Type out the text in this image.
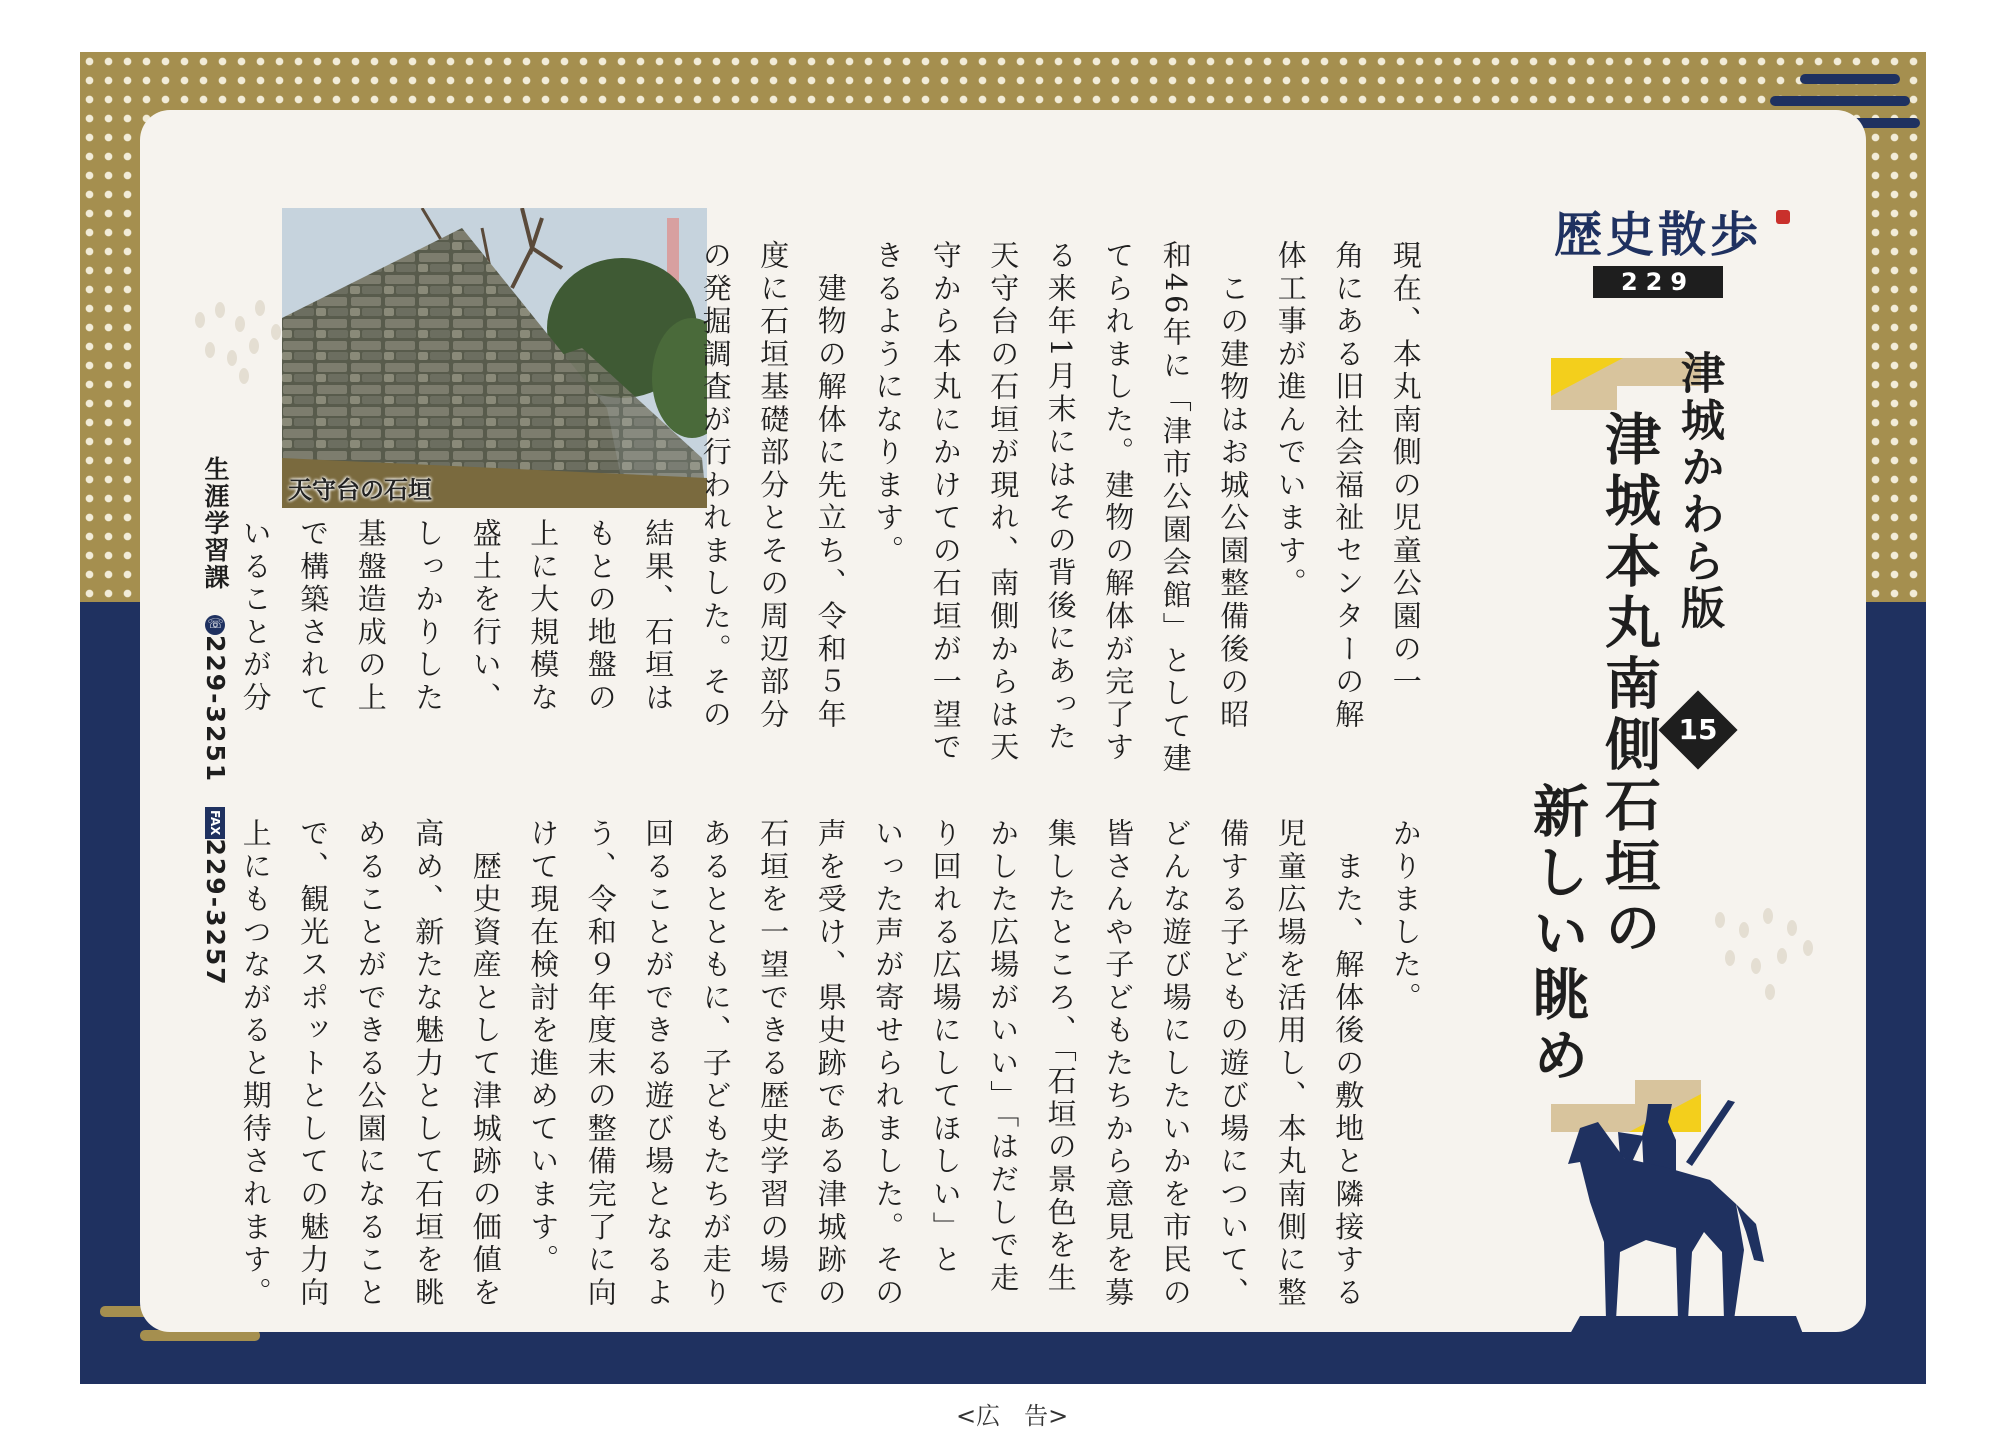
歴史散歩
229
津城かわら版
15
津城本丸南側石垣の
新しい眺め
天守台の石垣
生涯学習課☏229-3251FAX229-3257
現在、本丸南側の児童公園の一
角にある旧社会福祉センターの解
体工事が進んでいます。
　この建物はお城公園整備後の昭
和46年に「津市公園会館」として建
てられました。建物の解体が完了す
る来年1月末にはその背後にあった
天守台の石垣が現れ、南側からは天
守から本丸にかけての石垣が一望で
きるようになります。
　建物の解体に先立ち、令和５年
度に石垣基礎部分とその周辺部分
の発掘調査が行われました。その
結果、石垣は
もとの地盤の
上に大規模な
盛土を行い、
しっかりした
基盤造成の上
で構築されて
いることが分
かりました。
　また、解体後の敷地と隣接する
児童広場を活用し、本丸南側に整
備する子どもの遊び場について、
どんな遊び場にしたいかを市民の
皆さんや子どもたちから意見を募
集したところ、「石垣の景色を生
かした広場がいい」「はだしで走
り回れる広場にしてほしい」と
いった声が寄せられました。その
声を受け、県史跡である津城跡の
石垣を一望できる歴史学習の場で
あるとともに、子どもたちが走り
回ることができる遊び場となるよ
う、令和９年度末の整備完了に向
けて現在検討を進めています。
　歴史資産として津城跡の価値を
高め、新たな魅力として石垣を眺
めることができる公園になること
で、観光スポットとしての魅力向
上にもつながると期待されます。
<広　告>
